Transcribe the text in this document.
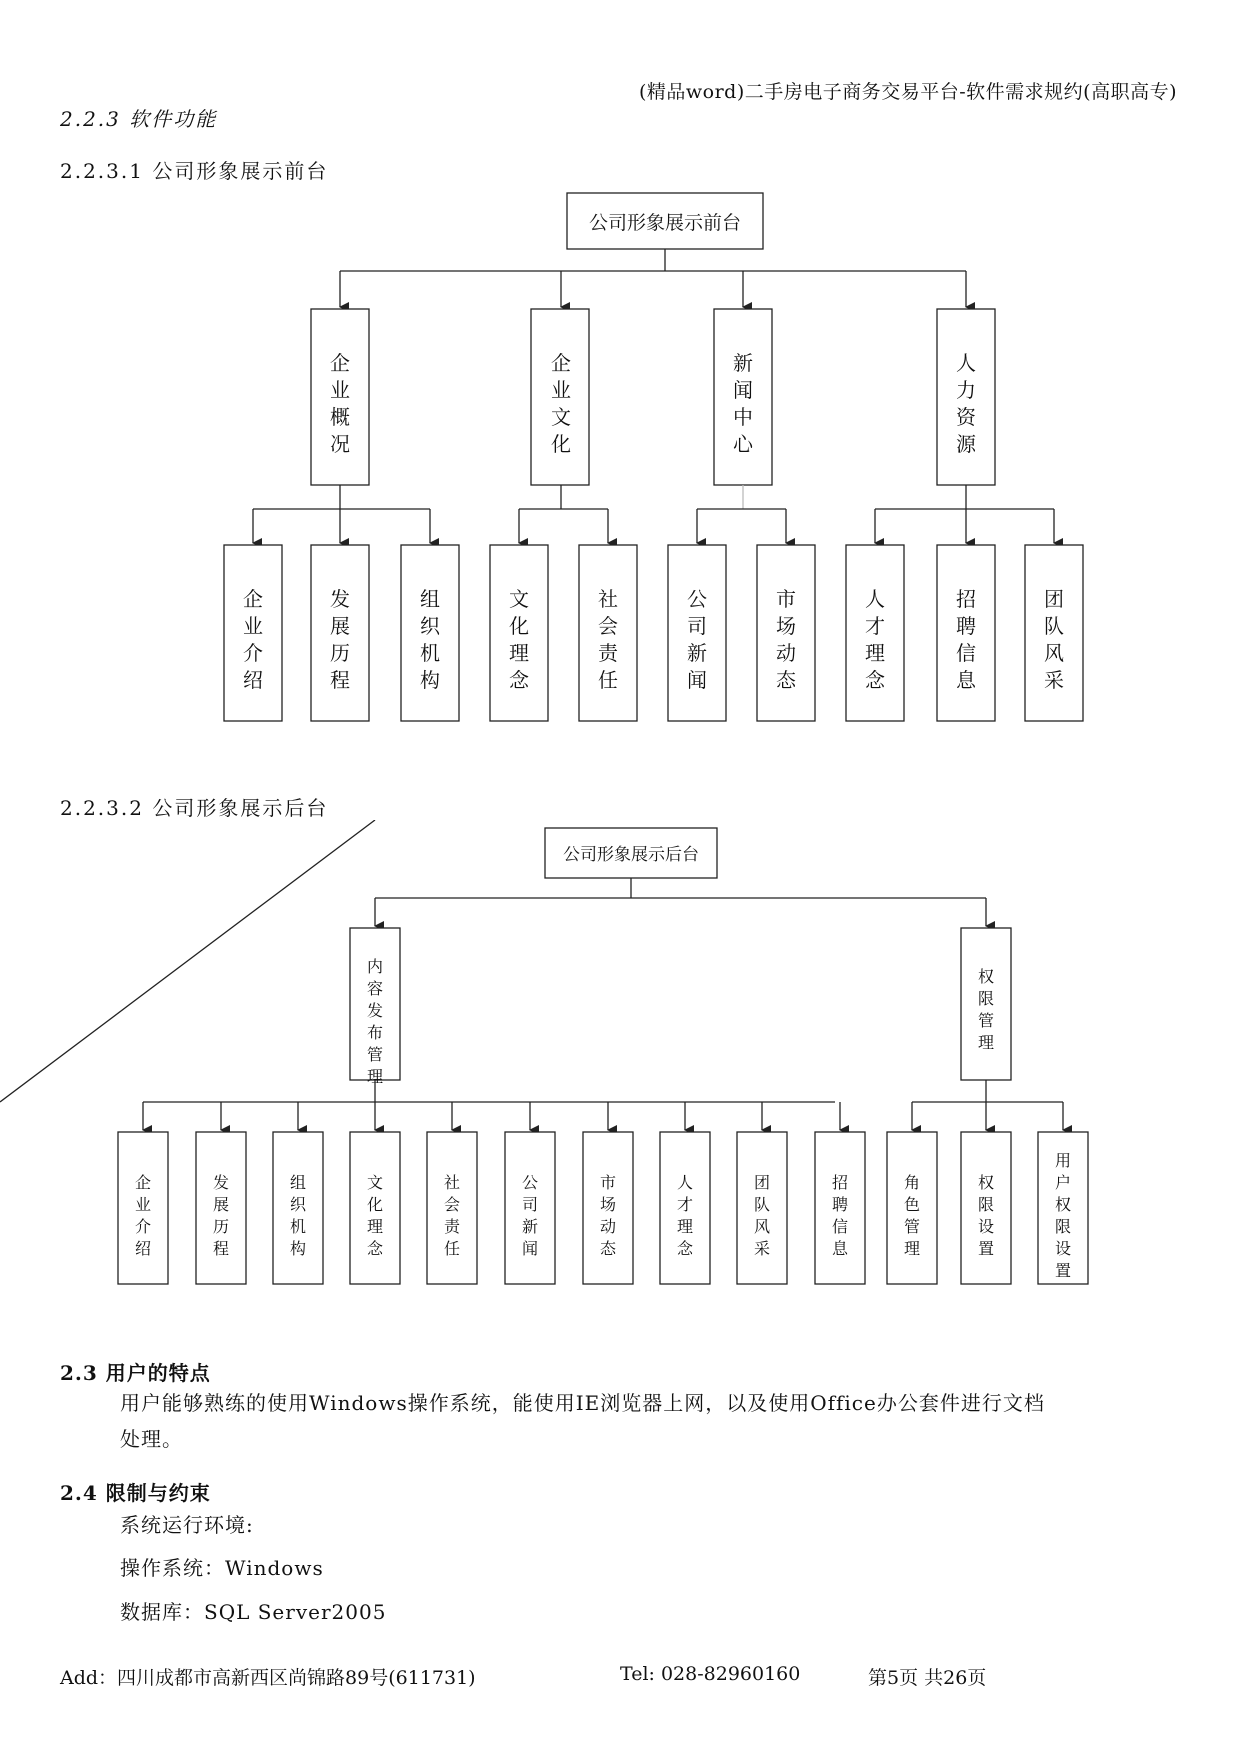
(精品word)二手房电子商务交易平台-软件需求规约(高职高专)
2.2.3 软件功能
2.2.3.1 公司形象展示前台
公司形象展示前台
企业概况
企业文化
新闻中心
人力资源
企业介绍
发展历程
组织机构
文化理念
社会责任
公司新闻
市场动态
人才理念
招聘信息
团队风采
2.2.3.2 公司形象展示后台
公司形象展示后台
内容发布管理
权限管理
企业介绍
发展历程
组织机构
文化理念
社会责任
公司新闻
市场动态
人才理念
团队风采
招聘信息
角色管理
权限设置
用户权限设置
2.3 用户的特点
用户能够熟练的使用Windows操作系统，能使用IE浏览器上网，以及使用Office办公套件进行文档
处理。
2.4 限制与约束
系统运行环境:
操作系统：Windows
数据库：SQL Server2005
Add：四川成都市高新西区尚锦路89号(611731)	Tel: 028-82960160	第5页 共26页
